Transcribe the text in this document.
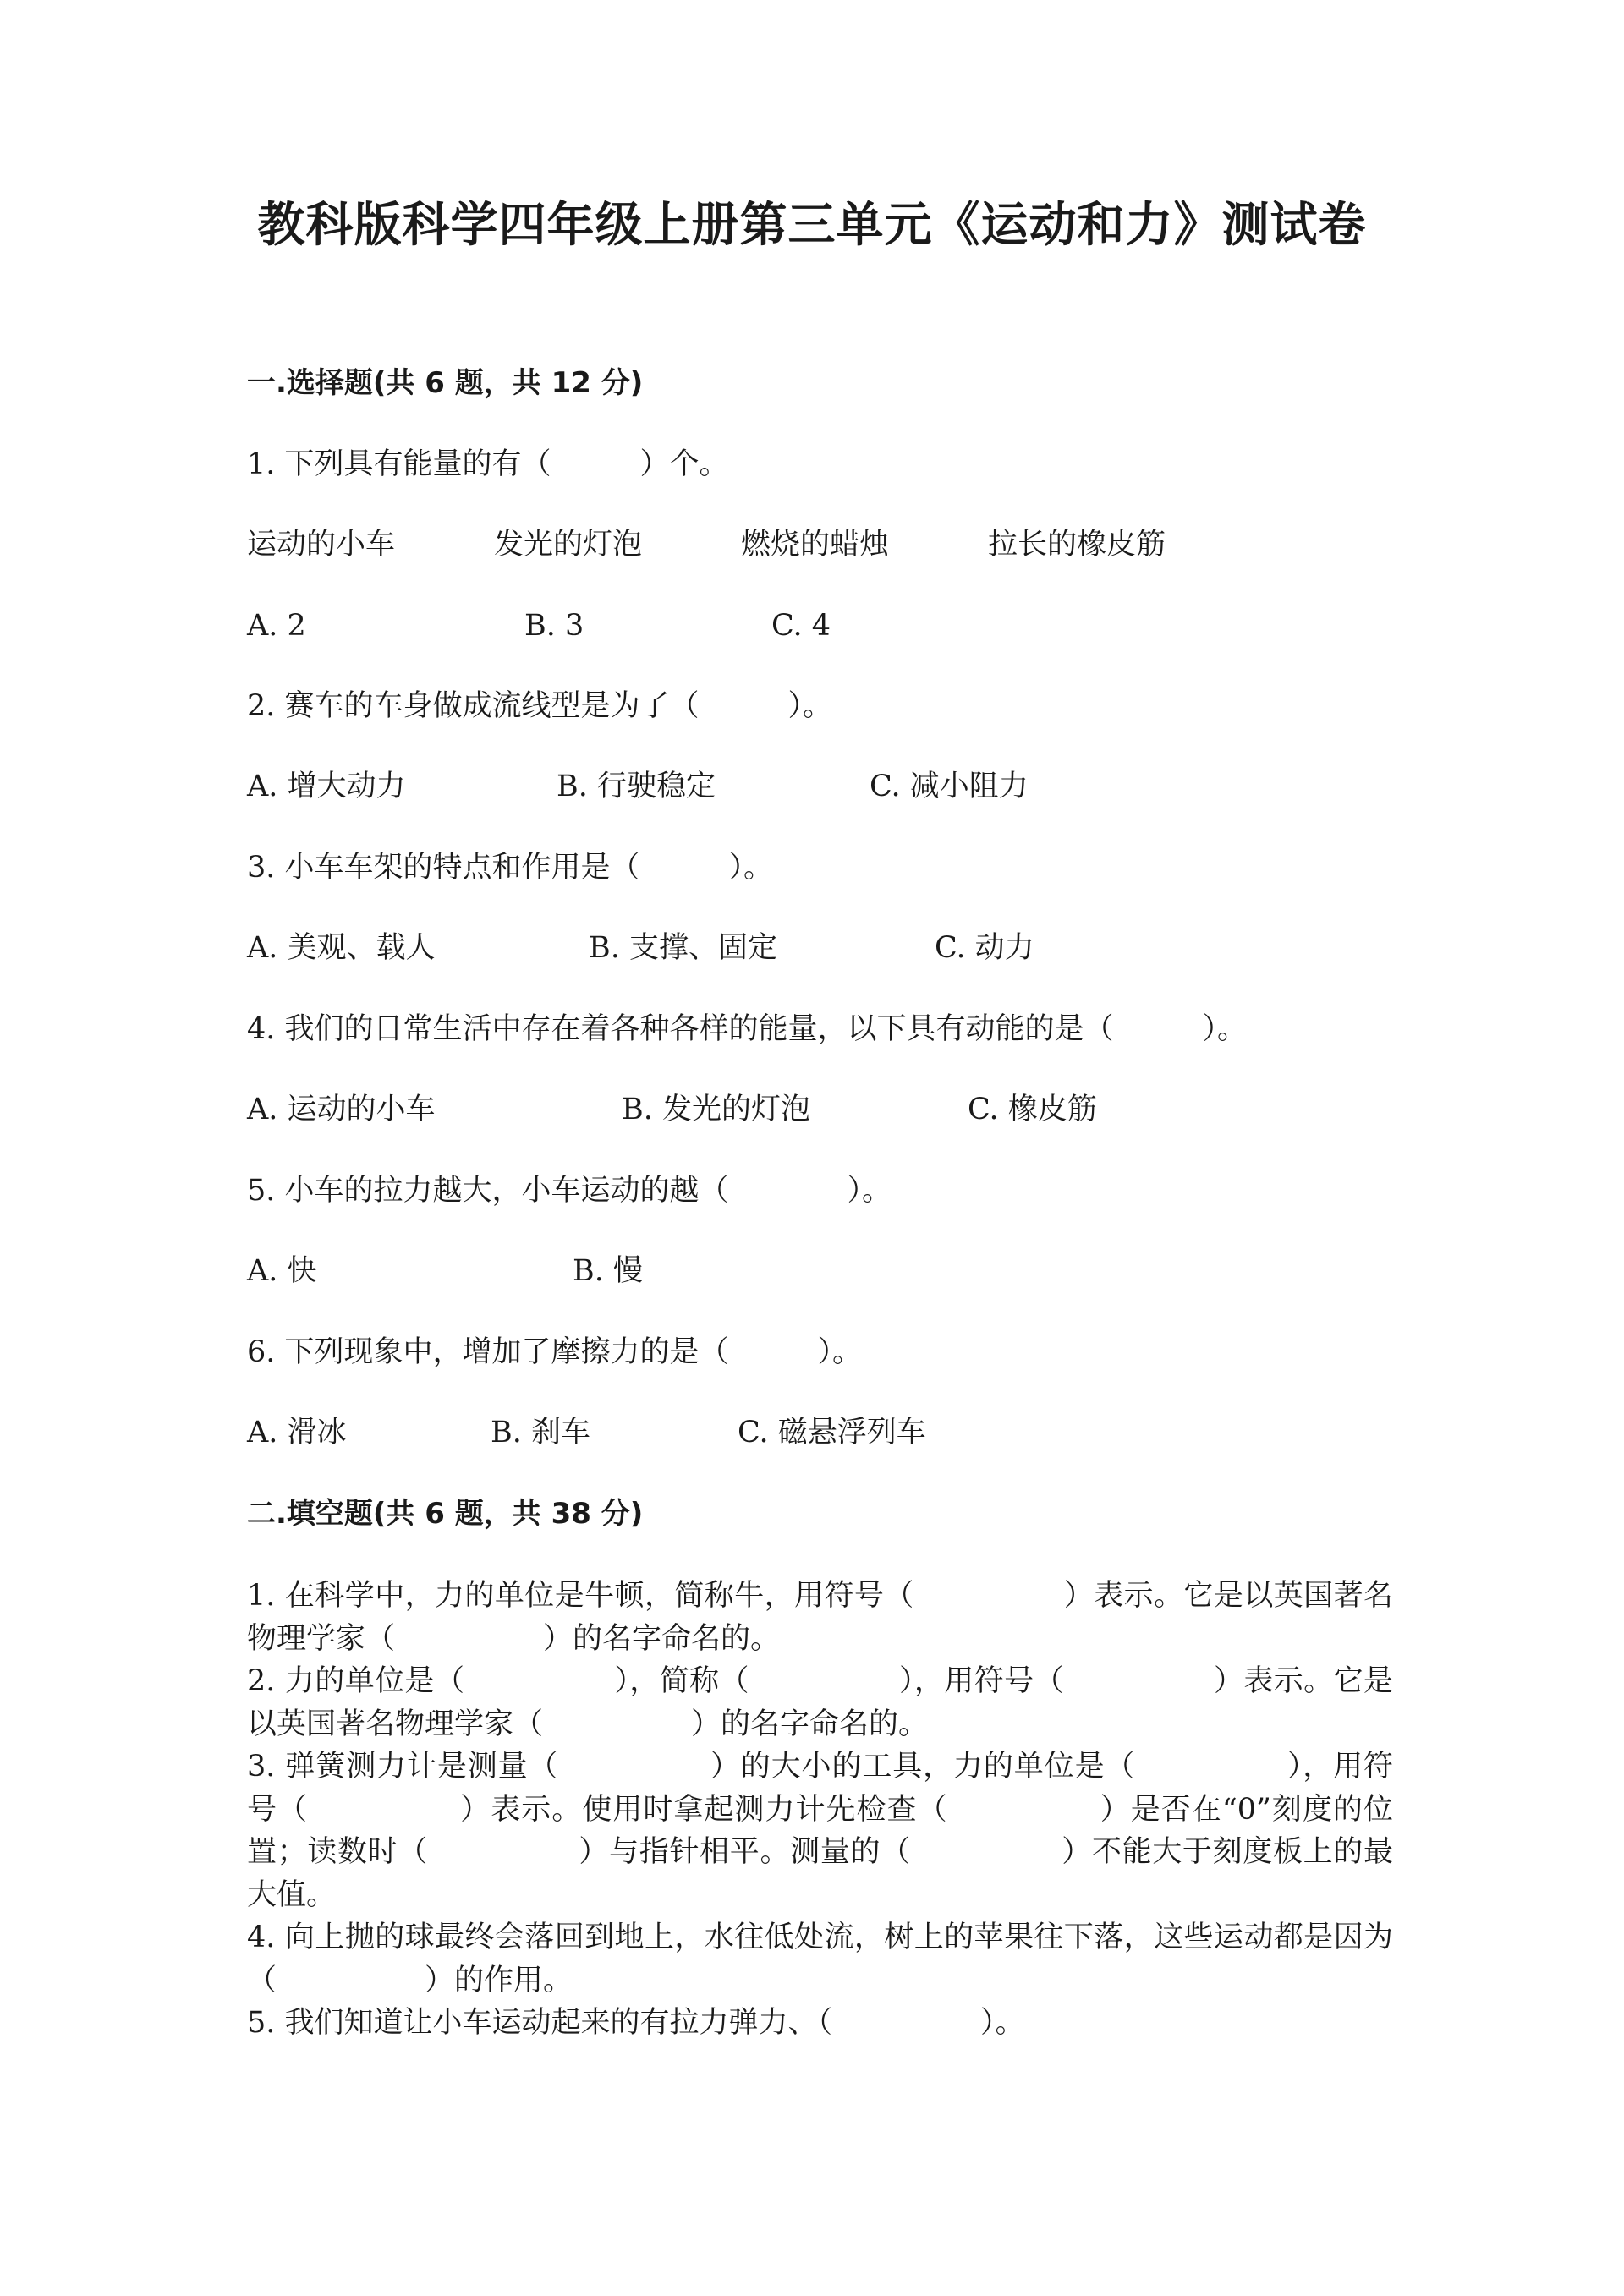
教科版科学四年级上册第三单元《运动和力》测试卷
一.选择题(共 6 题，共 12 分)
1. 下列具有能量的有（　　　）个。
运动的小车	发光的灯泡	燃烧的蜡烛	拉长的橡皮筋
A. 2	B. 3	C. 4
2. 赛车的车身做成流线型是为了（　　　）。
A. 增大动力	B. 行驶稳定	C. 减小阻力
3. 小车车架的特点和作用是（　　　）。
A. 美观、载人	B. 支撑、固定	C. 动力
4. 我们的日常生活中存在着各种各样的能量，以下具有动能的是（　　　）。
A. 运动的小车	B. 发光的灯泡	C. 橡皮筋
5. 小车的拉力越大，小车运动的越（　　　　）。
A. 快	B. 慢
6. 下列现象中，增加了摩擦力的是（　　　）。
A. 滑冰	B. 刹车	C. 磁悬浮列车
二.填空题(共 6 题，共 38 分)

1. 在科学中，力的单位是牛顿，简称牛，用符号（　　　　　）表示。它是以英国著名物理学家（　　　　　）的名字命名的。

2. 力的单位是（　　　　　），简称（　　　　　），用符号（　　　　　）表示。它是以英国著名物理学家（　　　　　）的名字命名的。

3. 弹簧测力计是测量（　　　　　）的大小的工具，力的单位是（　　　　　），用符号（　　　　　）表示。使用时拿起测力计先检查（　　　　　）是否在“0”刻度的位置；读数时（　　　　　）与指针相平。测量的（　　　　　）不能大于刻度板上的最大值。

4. 向上抛的球最终会落回到地上，水往低处流，树上的苹果往下落，这些运动都是因为（　　　　　）的作用。

5. 我们知道让小车运动起来的有拉力弹力、（　　　　　）。
